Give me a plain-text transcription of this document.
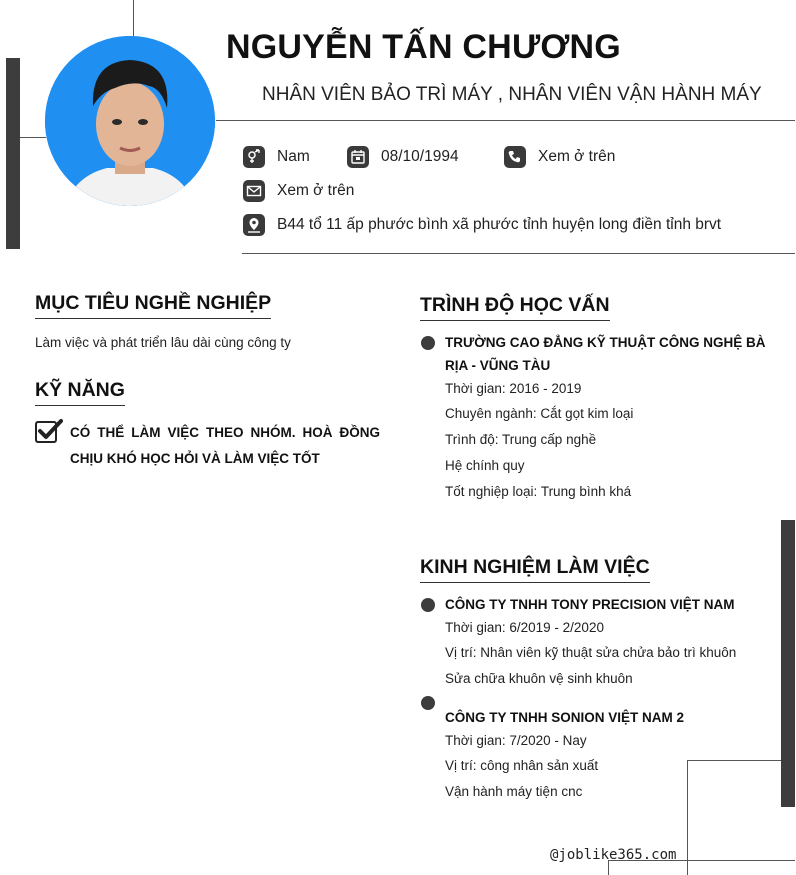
NGUYỄN TẤN CHƯƠNG
NHÂN VIÊN BẢO TRÌ MÁY , NHÂN VIÊN VẬN HÀNH MÁY
Nam	08/10/1994	Xem ở trên
Xem ở trên
B44 tổ 11 ấp phước bình xã phước tỉnh huyện long điền tỉnh brvt
MỤC TIÊU NGHỀ NGHIỆP
Làm việc và phát triển lâu dài cùng công ty
KỸ NĂNG
CÓ THỂ LÀM VIỆC THEO NHÓM. HOÀ ĐỒNG CHỊU KHÓ HỌC HỎI VÀ LÀM VIỆC TỐT
TRÌNH ĐỘ HỌC VẤN
TRƯỜNG CAO ĐẲNG KỸ THUẬT CÔNG NGHỆ BÀ
RỊA - VŨNG TÀU
Thời gian: 2016 - 2019
Chuyên ngành: Cắt gọt kim loại
Trình độ: Trung cấp nghề
Hệ chính quy
Tốt nghiệp loại: Trung bình khá
KINH NGHIỆM LÀM VIỆC
CÔNG TY TNHH TONY PRECISION VIỆT NAM
Thời gian: 6/2019 - 2/2020
Vị trí: Nhân viên kỹ thuật sửa chửa bảo trì khuôn
Sửa chữa khuôn vệ sinh khuôn
CÔNG TY TNHH SONION VIỆT NAM 2
Thời gian: 7/2020 - Nay
Vị trí: công nhân sản xuất
Vận hành máy tiện cnc
@joblike365.com
